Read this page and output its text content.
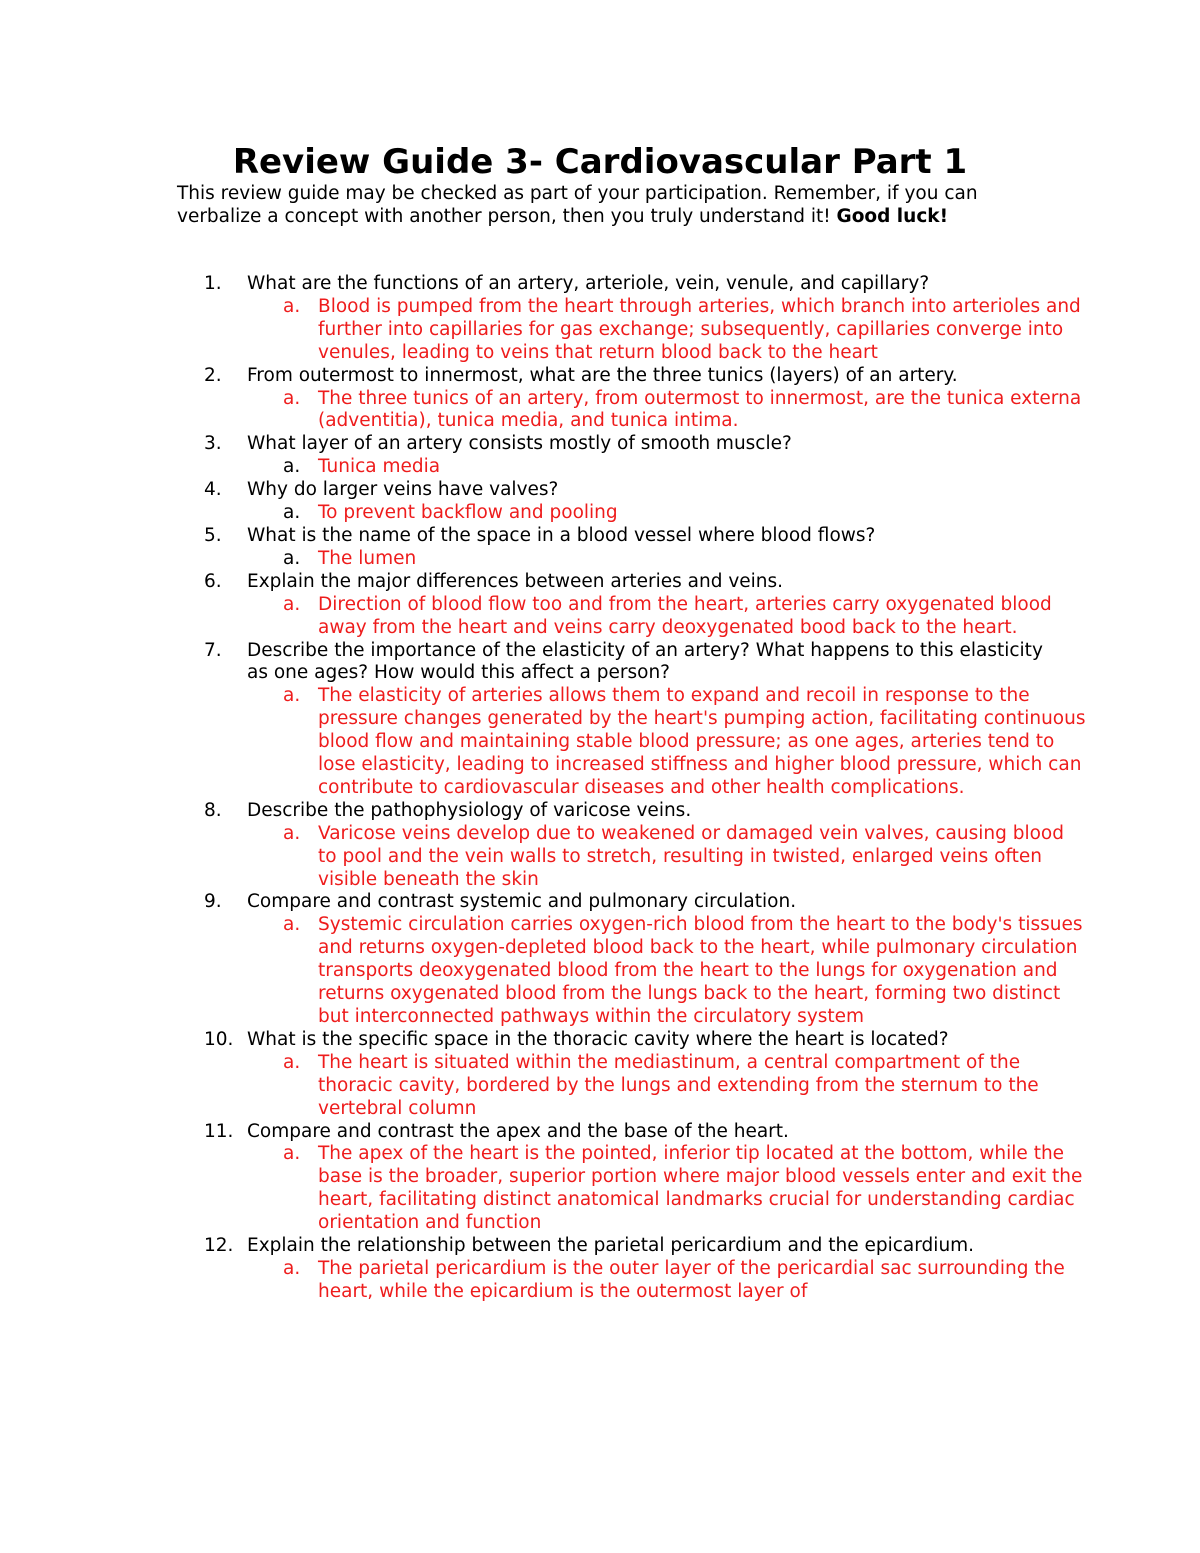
Review Guide 3- Cardiovascular Part 1

This review guide may be checked as part of your participation. Remember, if you can verbalize a concept with another person, then you truly understand it! Good luck!

1.	What are the functions of an artery, arteriole, vein, venule, and capillary?
a. Blood is pumped from the heart through arteries, which branch into arterioles and further into capillaries for gas exchange; subsequently, capillaries converge into venules, leading to veins that return blood back to the heart
2.	From outermost to innermost, what are the three tunics (layers) of an artery.
a. The three tunics of an artery, from outermost to innermost, are the tunica externa (adventitia), tunica media, and tunica intima.
3.	What layer of an artery consists mostly of smooth muscle?
a. Tunica media
4.	Why do larger veins have valves?
a. To prevent backflow and pooling
5.	What is the name of the space in a blood vessel where blood flows?
a. The lumen
6.	Explain the major differences between arteries and veins.
a. Direction of blood flow too and from the heart, arteries carry oxygenated blood away from the heart and veins carry deoxygenated bood back to the heart.
7.	Describe the importance of the elasticity of an artery? What happens to this elasticity as one ages? How would this affect a person?
a. The elasticity of arteries allows them to expand and recoil in response to the pressure changes generated by the heart's pumping action, facilitating continuous blood flow and maintaining stable blood pressure; as one ages, arteries tend to lose elasticity, leading to increased stiffness and higher blood pressure, which can contribute to cardiovascular diseases and other health complications.
8.	Describe the pathophysiology of varicose veins.
a. Varicose veins develop due to weakened or damaged vein valves, causing blood to pool and the vein walls to stretch, resulting in twisted, enlarged veins often visible beneath the skin
9.	Compare and contrast systemic and pulmonary circulation.
a. Systemic circulation carries oxygen-rich blood from the heart to the body's tissues and returns oxygen-depleted blood back to the heart, while pulmonary circulation transports deoxygenated blood from the heart to the lungs for oxygenation and returns oxygenated blood from the lungs back to the heart, forming two distinct but interconnected pathways within the circulatory system
10. What is the specific space in the thoracic cavity where the heart is located?
a. The heart is situated within the mediastinum, a central compartment of the thoracic cavity, bordered by the lungs and extending from the sternum to the vertebral column
11. Compare and contrast the apex and the base of the heart.
a. The apex of the heart is the pointed, inferior tip located at the bottom, while the base is the broader, superior portion where major blood vessels enter and exit the heart, facilitating distinct anatomical landmarks crucial for understanding cardiac orientation and function
12. Explain the relationship between the parietal pericardium and the epicardium.
a. The parietal pericardium is the outer layer of the pericardial sac surrounding the heart, while the epicardium is the outermost layer of
